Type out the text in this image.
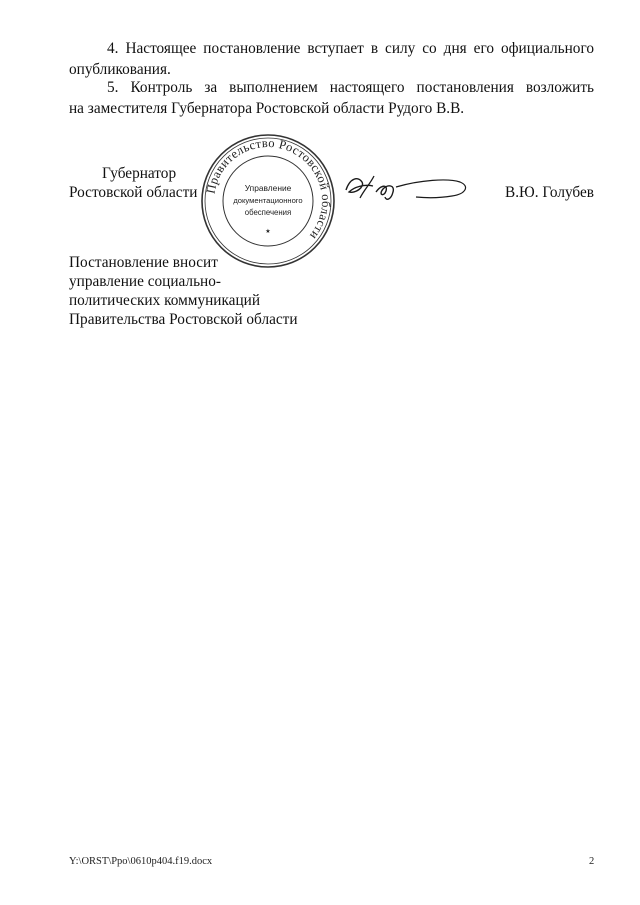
4. Настоящее постановление вступает в силу со дня его официального
опубликования.
5. Контроль за выполнением настоящего постановления возложить
на заместителя Губернатора Ростовской области Рудого В.В.
Губернатор
Ростовской области Правительство Ростовской области
Управление
документационного
обеспечения
★
В.Ю. Голубев
Постановление вносит
управление социально-
политических коммуникаций
Правительства Ростовской области
Y:\ORST\Ppo\0610p404.f19.docx	2
